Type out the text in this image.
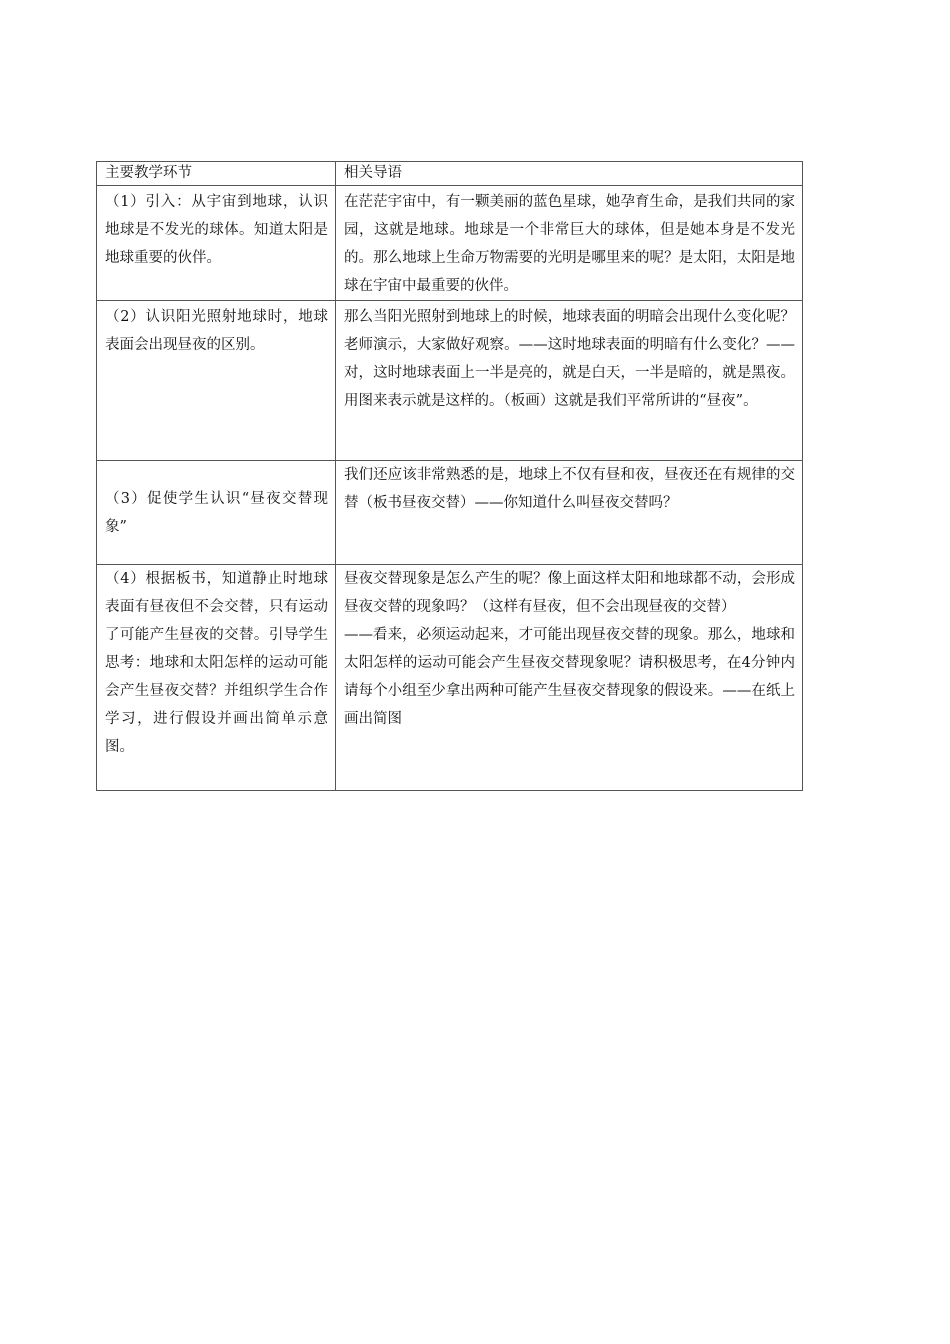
主要教学环节	相关导语
（1）引入：从宇宙到地球，认识地球是不发光的球体。知道太阳是地球重要的伙伴。	在茫茫宇宙中，有一颗美丽的蓝色星球，她孕育生命，是我们共同的家园，这就是地球。地球是一个非常巨大的球体，但是她本身是不发光的。那么地球上生命万物需要的光明是哪里来的呢？是太阳，太阳是地球在宇宙中最重要的伙伴。
（2）认识阳光照射地球时，地球表面会出现昼夜的区别。	那么当阳光照射到地球上的时候，地球表面的明暗会出现什么变化呢？老师演示，大家做好观察。——这时地球表面的明暗有什么变化？——对，这时地球表面上一半是亮的，就是白天，一半是暗的，就是黑夜。用图来表示就是这样的。（板画）这就是我们平常所讲的“昼夜”。
（3）促使学生认识“昼夜交替现象”	我们还应该非常熟悉的是，地球上不仅有昼和夜，昼夜还在有规律的交替（板书昼夜交替）——你知道什么叫昼夜交替吗？
（4）根据板书，知道静止时地球表面有昼夜但不会交替，只有运动了可能产生昼夜的交替。引导学生思考：地球和太阳怎样的运动可能会产生昼夜交替？并组织学生合作学习，进行假设并画出简单示意图。	昼夜交替现象是怎么产生的呢？像上面这样太阳和地球都不动，会形成昼夜交替的现象吗？（这样有昼夜，但不会出现昼夜的交替）
——看来，必须运动起来，才可能出现昼夜交替的现象。那么，地球和太阳怎样的运动可能会产生昼夜交替现象呢？请积极思考，在4分钟内请每个小组至少拿出两种可能产生昼夜交替现象的假设来。——在纸上画出简图
